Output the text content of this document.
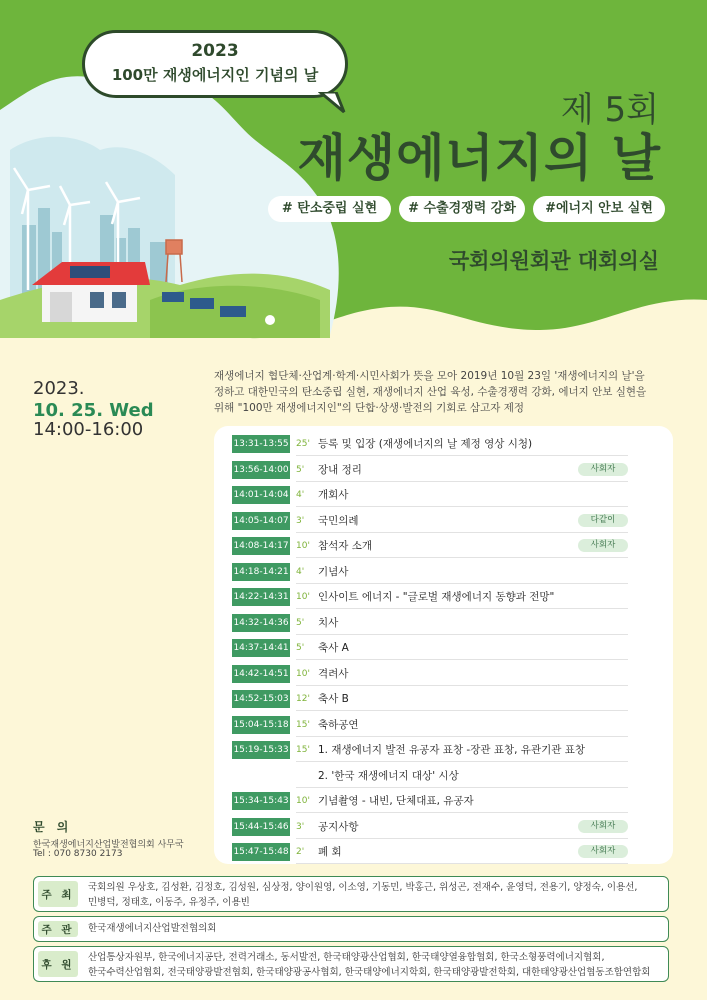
2023
100만 재생에너지인 기념의 날
제 5회
재생에너지의 날
# 탄소중립 실현	# 수출경쟁력 강화	#에너지 안보 실현
국회의원회관 대회의실
2023.
10. 25. Wed
14:00-16:00
재생에너지 협단체·산업계·학계·시민사회가 뜻을 모아 2019년 10월 23일 '재생에너지의 날'을
정하고 대한민국의 탄소중립 실현, 재생에너지 산업 육성, 수출경쟁력 강화, 에너지 안보 실현을
위해 "100만 재생에너지인"의 단합·상생·발전의 기회로 삼고자 제정
13:31-13:55 25' 등록 및 입장 (재생에너지의 날 제정 영상 시청)
13:56-14:00 5'	장내 정리	사회자
14:01-14:04 4'	개회사
14:05-14:07 3'	국민의례	다같이
14:08-14:17 10' 참석자 소개	사회자
14:18-14:21 4'	기념사
14:22-14:31 10' 인사이트 에너지 - "글로벌 재생에너지 동향과 전망"
14:32-14:36 5'	치사
14:37-14:41 5'	축사 A
14:42-14:51 10' 격려사
14:52-15:03 12' 축사 B
15:04-15:18 15' 축하공연
15:19-15:33 15' 1. 재생에너지 발전 유공자 표창 -장관 표창, 유관기관 표창
2. '한국 재생에너지 대상' 시상
15:34-15:43 10' 기념촬영 - 내빈, 단체대표, 유공자
15:44-15:46 3'	공지사항	사회자
15:47-15:48 2'	폐 회	사회자
문 의
한국재생에너지산업발전협의회 사무국
Tel : 070 8730 2173
주 최
국회의원 우상호, 김성환, 김정호, 김성원, 심상정, 양이원영, 이소영, 기동민, 박홍근, 위성곤, 전재수, 윤영덕, 전용기, 양정숙, 이용선,
민병덕, 정태호, 이동주, 유정주, 이용빈
주 관	한국재생에너지산업발전협의회
후 원
산업통상자원부, 한국에너지공단, 전력거래소, 동서발전, 한국태양광산업협회, 한국태양열융합협회, 한국소형풍력에너지협회,
한국수력산업협회, 전국태양광발전협회, 한국태양광공사협회, 한국태양에너지학회, 한국태양광발전학회, 대한태양광산업협동조합연합회
